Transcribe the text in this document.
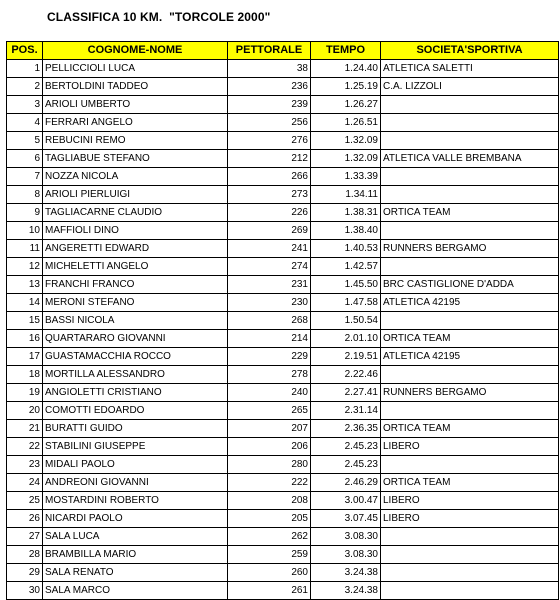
CLASSIFICA 10 KM.  "TORCOLE 2000"
POS.	COGNOME-NOME	PETTORALE	TEMPO	SOCIETA'SPORTIVA
1	PELLICCIOLI LUCA	38	1.24.40	ATLETICA SALETTI
2	BERTOLDINI TADDEO	236	1.25.19	C.A. LIZZOLI
3	ARIOLI UMBERTO	239	1.26.27	
4	FERRARI ANGELO	256	1.26.51	
5	REBUCINI REMO	276	1.32.09	
6	TAGLIABUE STEFANO	212	1.32.09	ATLETICA VALLE BREMBANA
7	NOZZA NICOLA	266	1.33.39	
8	ARIOLI PIERLUIGI	273	1.34.11	
9	TAGLIACARNE CLAUDIO	226	1.38.31	ORTICA TEAM
10	MAFFIOLI DINO	269	1.38.40	
11	ANGERETTI EDWARD	241	1.40.53	RUNNERS BERGAMO
12	MICHELETTI ANGELO	274	1.42.57	
13	FRANCHI FRANCO	231	1.45.50	BRC CASTIGLIONE D'ADDA
14	MERONI STEFANO	230	1.47.58	ATLETICA 42195
15	BASSI NICOLA	268	1.50.54	
16	QUARTARARO GIOVANNI	214	2.01.10	ORTICA TEAM
17	GUASTAMACCHIA ROCCO	229	2.19.51	ATLETICA 42195
18	MORTILLA ALESSANDRO	278	2.22.46	
19	ANGIOLETTI CRISTIANO	240	2.27.41	RUNNERS BERGAMO
20	COMOTTI EDOARDO	265	2.31.14	
21	BURATTI GUIDO	207	2.36.35	ORTICA TEAM
22	STABILINI GIUSEPPE	206	2.45.23	LIBERO
23	MIDALI PAOLO	280	2.45.23	
24	ANDREONI GIOVANNI	222	2.46.29	ORTICA TEAM
25	MOSTARDINI ROBERTO	208	3.00.47	LIBERO
26	NICARDI PAOLO	205	3.07.45	LIBERO
27	SALA LUCA	262	3.08.30	
28	BRAMBILLA MARIO	259	3.08.30	
29	SALA RENATO	260	3.24.38	
30	SALA MARCO	261	3.24.38	
